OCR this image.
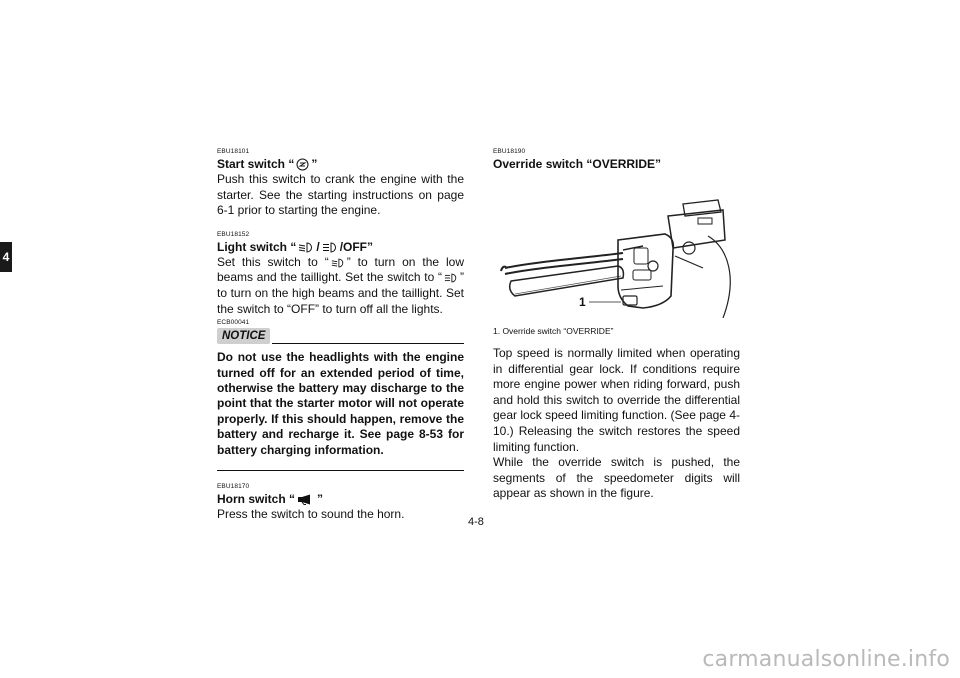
4
EBU18101
Start switch “ ”

Push this switch to crank the engine with the starter. See the starting instructions on page 6-1 prior to starting the engine.

EBU18152
Light switch “ / /OFF”

Set this switch to “ ” to turn on the low beams and the taillight. Set the switch to “ ” to turn on the high beams and the taillight. Set the switch to “OFF” to turn off all the lights.

ECB00041
NOTICE

Do not use the headlights with the engine turned off for an extended period of time, otherwise the battery may discharge to the point that the starter motor will not operate properly. If this should happen, remove the battery and recharge it. See page 8-53 for battery charging information.

EBU18170
Horn switch “ ”

Press the switch to sound the horn.

EBU18190
Override switch “OVERRIDE”
1
1. Override switch “OVERRIDE”

Top speed is normally limited when operating in differential gear lock. If conditions require more engine power when riding forward, push and hold this switch to override the differential gear lock speed limiting function. (See page 4-10.) Releasing the switch restores the speed limiting function.

While the override switch is pushed, the segments of the speedometer digits will appear as shown in the figure.

4-8
carmanualsonline.info
